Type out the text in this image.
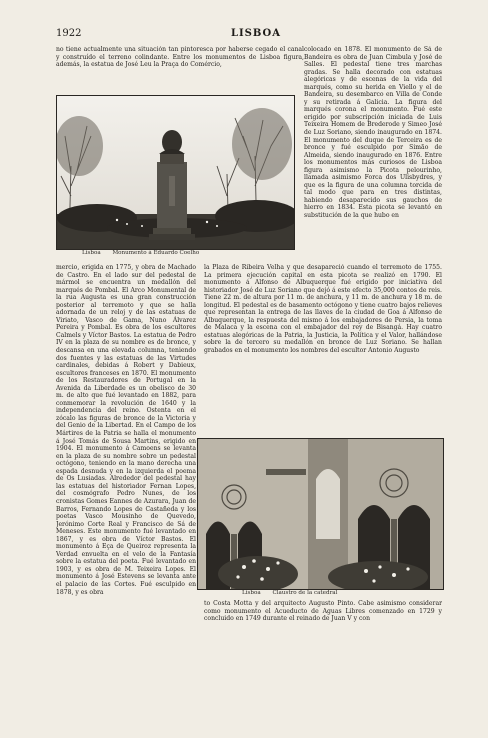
1922	LISBOA

no tiene actualmente una situación tan pintoresca por haberse cegado el canal y construído el terreno colindante. Entre los monumentos de Lisboa figura, además, la estatua de José Leu la Praça do Comércio,

Lisboa Monumento á Eduardo Coelho

colocado en 1878. El monumento de Sá de Bandeira es obra de Juan Cimbula y José de Salles. El pedestal tiene tres marchas gradas. Se halla decorado con estatuas alegóricas y de escenas de la vida del marqués, como su herida en Viello y el de Bandeira, su desembarco en Villa de Conde y su retirada á Galicia. La figura del marqués corona el monumento. Fué este erigido por subscripción iniciada de Luis Teixeira Homem de Brederode y Simeo José de Luz Soriano, siendo inaugurado en 1874. El monumento del duque de Terceira es de bronce y fué esculpido por Simão de Almeida, siendo inaugurado en 1876. Entre los monumentos más curiosos de Lisboa figura asimismo la Picota pelourinho, llamada asimismo Forca dos Ulisbydres, y que es la figura de una columna torcida de tal modo que para en tres distintas, habiendo desaparecido sus gauchos de hierro en 1834. Esta picota se levantó en substitución de la que hubo en

mercio, erigida en 1775, y obra de Machado de Castro. En el lado sur del pedestal de mármol se encuentra un medallón del marqués de Pombal. El Arco Monumental de la rua Augusta es una gran construcción posterior al terremoto y que se halla adornada de un reloj y de las estatuas de Viriato, Vasco de Gama, Nuno Álvarez Pereira y Pombal. Es obra de los escultores Calmels y Víctor Bastos. La estatua de Pedro IV en la plaza de su nombre es de bronce, y descansa en una elevada columna, teniendo dos fuentes y las estatuas de las Virtudes cardinales, debidas á Robert y Dabieux, escultores franceses en 1870. El monumento de los Restauradores de Portugal en la Avenida da Liberdade es un obelisco de 30 m. de alto que fué levantado en 1882, para conmemorar la revolución de 1640 y la independencia del reino. Ostenta en el zócalo las figuras de bronce de la Victoria y del Genio de la Libertad. En el Campo de los Mártires de la Patria se halla el monumento á José Tomás de Sousa Martins, erigido en 1904. El monumento á Camoens se levanta en la plaza de su nombre sobre un pedestal octógono, teniendo en la mano derecha una espada desnuda y en la izquierda el poema de Os Lusiadas. Alrededor del pedestal hay las estatuas del historiador Fernan Lopes, del cosmógrafo Pedro Nunes, de los cronistas Gomes Eannes de Azurara, Juan de Barros, Fernando Lopes de Castañeda y los poetas Vasco Mousinho de Quevedo, Jerónimo Corte Real y Francisco de Sá de Meneses. Este monumento fué levantado en 1867, y es obra de Víctor Bastos. El monumento á Eça de Queiroz representa la Verdad envuelta en el velo de la Fantasía sobre la estatua del poeta. Fué levantado en 1903, y es obra de M. Teixeira Lopes. El monumento á José Estevens se levanta ante el palacio de las Cortes. Fué esculpido en 1878, y es obra

la Plaza de Ribeira Velha y que desapareció cuando el terremoto de 1755. La primera ejecución capital en esta picota se realizó en 1790. El monumento á Alfonso de Albuquerque fué erigido por iniciativa del historiador José de Luz Soriano que dejó á este efecto 35,000 contos de reis. Tiene 22 m. de altura por 11 m. de anchura, y 11 m. de anchura y 18 m. de longitud. El pedestal es de basamento octógono y tiene cuatro bajos relieves que representan la entrega de las llaves de la ciudad de Goa á Alfonso de Albuquerque, la respuesta del mismo á los embajadores de Persia, la toma de Malaca y la escena con el embajador del rey de Bisangá. Hay cuatro estatuas alegóricas de la Patria, la Justicia, la Política y el Valor, hallándose sobre la de tercero su medallón en bronce de Luz Soriano. Se hallan grabados en el monumento los nombres del escultor Antonio Augusto

Lisboa Claustro de la catedral

to Costa Motta y del arquitecto Augusto Pinto. Cabe asimismo considerar como monumento el Acueducto de Aguas Libres comenzado en 1729 y concluido en 1749 durante el reinado de Juan V y con
